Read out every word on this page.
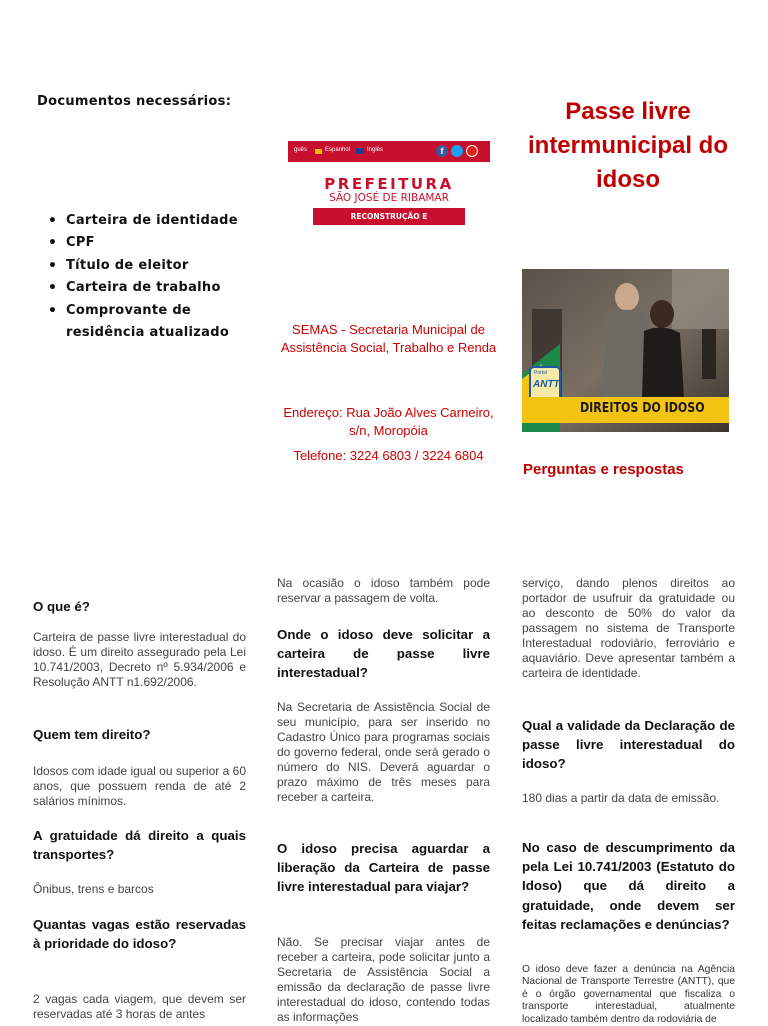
Documentos necessários:
• Carteira de identidade
• CPF
• Título de eleitor
• Carteira de trabalho
• Comprovante de residência atualizado
guês	Espanhol	Inglês	f
PREFEITURA
SÃO JOSÉ DE RIBAMAR
RECONSTRUÇÃO E DESENVOLVIMENTO
SEMAS - Secretaria Municipal de Assistência Social, Trabalho e Renda
Endereço: Rua João Alves Carneiro, s/n, Moropóia
Telefone: 3224 6803 / 3224 6804
Passe livre intermunicipal do idoso
Portal
ANTT
DIREITOS DO IDOSO
Perguntas e respostas

O que é?

Carteira de passe livre interestadual do idoso. É um direito assegurado pela Lei 10.741/2003, Decreto nº 5.934/2006 e Resolução ANTT n1.692/2006.

Quem tem direito?

Idosos com idade igual ou superior a 60 anos, que possuem renda de até 2 salários mínimos.

A gratuidade dá direito a quais transportes?

Ônibus, trens e barcos

Quantas vagas estão reservadas à prioridade do idoso?

2 vagas cada viagem, que devem ser reservadas até 3 horas de antes

Na ocasião o idoso também pode reservar a passagem de volta.

Onde o idoso deve solicitar a carteira de passe livre interestadual?

Na Secretaria de Assistência Social de seu município, para ser inserido no Cadastro Único para programas sociais do governo federal, onde será gerado o número do NIS. Deverá aguardar o prazo máximo de três meses para receber a carteira.

O idoso precisa aguardar a liberação da Carteira de passe livre interestadual para viajar?

Não. Se precisar viajar antes de receber a carteira, pode solicitar junto a Secretaria de Assistência Social a emissão da declaração de passe livre interestadual do idoso, contendo todas as informações

serviço, dando plenos direitos ao portador de usufruir da gratuidade ou ao desconto de 50% do valor da passagem no sistema de Transporte Interestadual rodoviário, ferroviário e aquaviário. Deve apresentar também a carteira de identidade.

Qual a validade da Declaração de passe livre interestadual do idoso?

180 dias a partir da data de emissão.

No caso de descumprimento da pela Lei 10.741/2003 (Estatuto do Idoso) que dá direito a gratuidade, onde devem ser feitas reclamações e denúncias?

O idoso deve fazer a denúncia na Agência Nacional de Transporte Terrestre (ANTT), que é o órgão governamental que fiscaliza o transporte interestadual, atualmente localizado também dentro da rodoviária de
